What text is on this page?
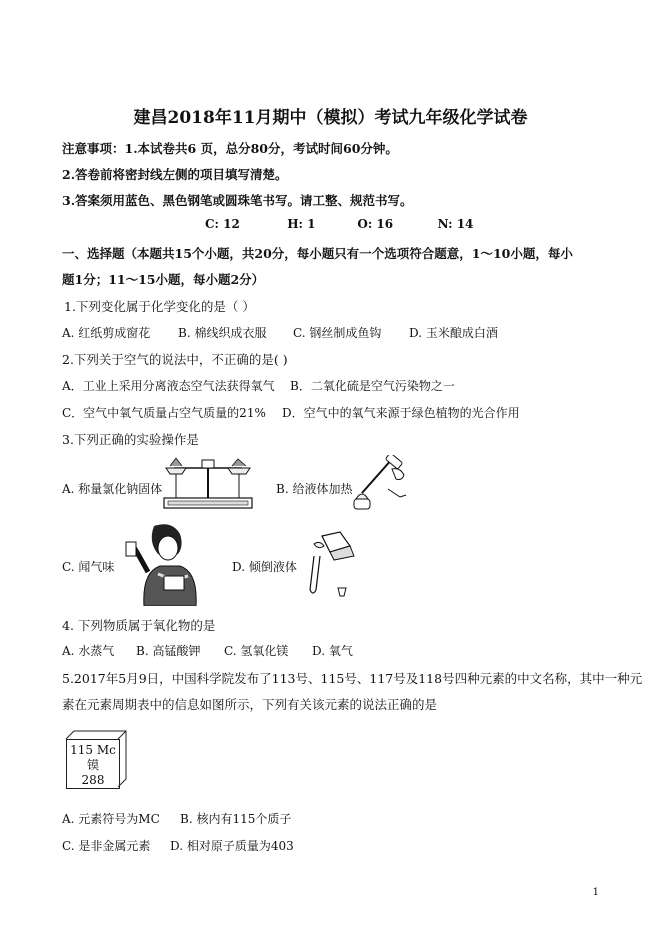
建昌2018年11月期中（模拟）考试九年级化学试卷
注意事项：1.本试卷共6 页，总分80分，考试时间60分钟。
2.答卷前将密封线左侧的项目填写清楚。
3.答案须用蓝色、黑色钢笔或圆珠笔书写。请工整、规范书写。
C: 12	H: 1	O: 16	N: 14
一、选择题（本题共15个小题，共20分，每小题只有一个选项符合题意，1～10小题，每小
题1分；11～15小题，每小题2分）
1.下列变化属于化学变化的是（ ）
A. 红纸剪成窗花 B. 棉线织成衣服 C. 钢丝制成鱼钩 D. 玉米酿成白酒
2.下列关于空气的说法中，不正确的是( )
A．工业上采用分离液态空气法获得氧气 B．二氧化硫是空气污染物之一
C．空气中氧气质量占空气质量的21% D．空气中的氧气来源于绿色植物的光合作用
3.下列正确的实验操作是
A. 称量氯化钠固体	B. 给液体加热
C. 闻气味	D. 倾倒液体
4. 下列物质属于氧化物的是
A. 水蒸气 B. 高锰酸钾 C. 氢氧化镁 D. 氧气
5.2017年5月9日，中国科学院发布了113号、115号、117号及118号四种元素的中文名称，其中一种元
素在元素周期表中的信息如图所示，下列有关该元素的说法正确的是
115 Mc
镆
288
A. 元素符号为MC B. 核内有115个质子
C. 是非金属元素 D. 相对原子质量为403
1
